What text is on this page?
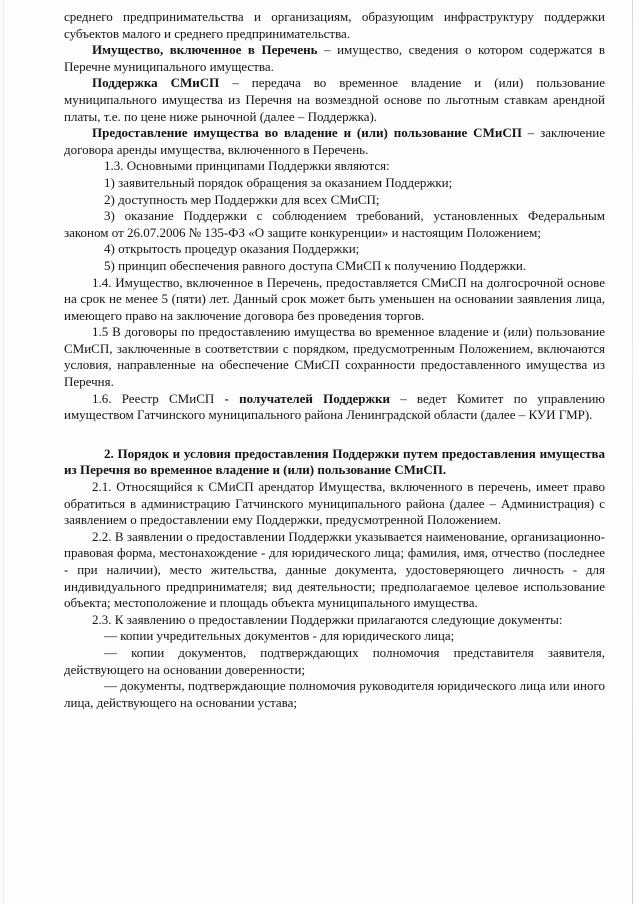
среднего предпринимательства и организациям, образующим инфраструктуру поддержки субъектов малого и среднего предпринимательства.

Имущество, включенное в Перечень – имущество, сведения о котором содержатся в Перечне муниципального имущества.

Поддержка СМиСП – передача во временное владение и (или) пользование муниципального имущества из Перечня на возмездной основе по льготным ставкам арендной платы, т.е. по цене ниже рыночной (далее – Поддержка).

Предоставление имущества во владение и (или) пользование СМиСП – заключение договора аренды имущества, включенного в Перечень.

1.3. Основными принципами Поддержки являются:

1) заявительный порядок обращения за оказанием Поддержки;

2) доступность мер Поддержки для всех СМиСП;

3) оказание Поддержки с соблюдением требований, установленных Федеральным законом от 26.07.2006 № 135-ФЗ «О защите конкуренции» и настоящим Положением;

4) открытость процедур оказания Поддержки;

5) принцип обеспечения равного доступа СМиСП к получению Поддержки.

1.4. Имущество, включенное в Перечень, предоставляется СМиСП на долгосрочной основе на срок не менее 5 (пяти) лет. Данный срок может быть уменьшен на основании заявления лица, имеющего право на заключение договора без проведения торгов.

1.5 В договоры по предоставлению имущества во временное владение и (или) пользование СМиСП, заключенные в соответствии с порядком, предусмотренным Положением, включаются условия, направленные на обеспечение СМиСП сохранности предоставленного имущества из Перечня.

1.6. Реестр СМиСП - получателей Поддержки – ведет Комитет по управлению имуществом Гатчинского муниципального района Ленинградской области (далее – КУИ ГМР).

2. Порядок и условия предоставления Поддержки путем предоставления имущества из Перечня во временное владение и (или) пользование СМиСП.

2.1. Относящийся к СМиСП арендатор Имущества, включенного в перечень, имеет право обратиться в администрацию Гатчинского муниципального района (далее – Администрация) с заявлением о предоставлении ему Поддержки, предусмотренной Положением.

2.2. В заявлении о предоставлении Поддержки указывается наименование, организационно-правовая форма, местонахождение - для юридического лица; фамилия, имя, отчество (последнее - при наличии), место жительства, данные документа, удостоверяющего личность - для индивидуального предпринимателя; вид деятельности; предполагаемое целевое использование объекта; местоположение и площадь объекта муниципального имущества.

2.3. К заявлению о предоставлении Поддержки прилагаются следующие документы:

— копии учредительных документов - для юридического лица;

— копии документов, подтверждающих полномочия представителя заявителя, действующего на основании доверенности;

— документы, подтверждающие полномочия руководителя юридического лица или иного лица, действующего на основании устава;
